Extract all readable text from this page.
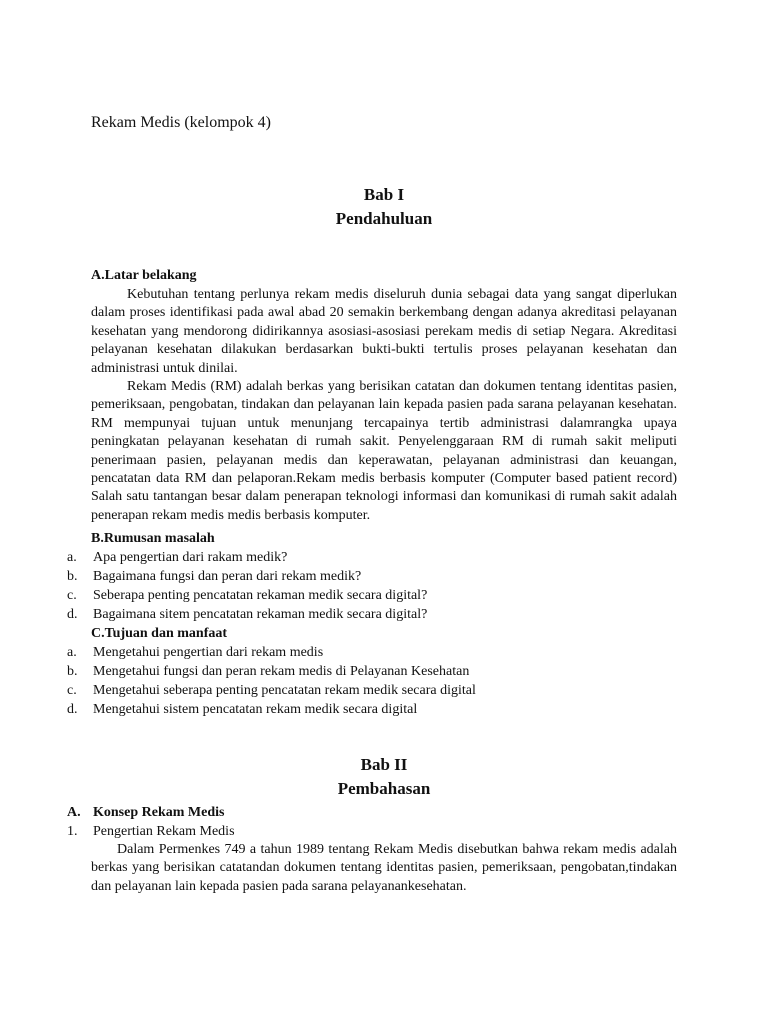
Rekam Medis (kelompok 4)
Bab I
Pendahuluan
A.Latar belakang

Kebutuhan tentang perlunya rekam medis diseluruh dunia sebagai data yang sangat diperlukan dalam proses identifikasi pada awal abad 20 semakin berkembang dengan adanya akreditasi pelayanan kesehatan yang mendorong didirikannya asosiasi-asosiasi perekam medis di setiap Negara. Akreditasi pelayanan kesehatan dilakukan berdasarkan bukti-bukti tertulis proses pelayanan kesehatan dan administrasi untuk dinilai.

Rekam Medis (RM) adalah berkas yang berisikan catatan dan dokumen tentang identitas pasien, pemeriksaan, pengobatan, tindakan dan pelayanan lain kepada pasien pada sarana pelayanan kesehatan. RM mempunyai tujuan untuk menunjang tercapainya tertib administrasi dalamrangka upaya peningkatan pelayanan kesehatan di rumah sakit. Penyelenggaraan RM di rumah sakit meliputi penerimaan pasien, pelayanan medis dan keperawatan, pelayanan administrasi dan keuangan, pencatatan data RM dan pelaporan.Rekam medis berbasis komputer (Computer based patient record) Salah satu tantangan besar dalam penerapan teknologi informasi dan komunikasi di rumah sakit adalah penerapan rekam medis medis berbasis komputer.

B.Rumusan masalah
a.	Apa pengertian dari rakam medik?
b.	Bagaimana fungsi dan peran dari rekam medik?
c.	Seberapa penting pencatatan rekaman medik secara digital?
d.	Bagaimana sitem pencatatan rekaman medik secara digital?
C.Tujuan dan manfaat
a.	Mengetahui pengertian dari rekam medis
b.	Mengetahui fungsi dan peran rekam medis di Pelayanan Kesehatan
c.	Mengetahui seberapa penting pencatatan rekam medik secara digital
d.	Mengetahui sistem pencatatan rekam medik secara digital
Bab II
Pembahasan
A. Konsep Rekam Medis
1. Pengertian Rekam Medis

Dalam Permenkes 749 a tahun 1989 tentang Rekam Medis disebutkan bahwa rekam medis adalah berkas yang berisikan catatandan dokumen tentang identitas pasien, pemeriksaan, pengobatan,tindakan dan pelayanan lain kepada pasien pada sarana pelayanankesehatan.
